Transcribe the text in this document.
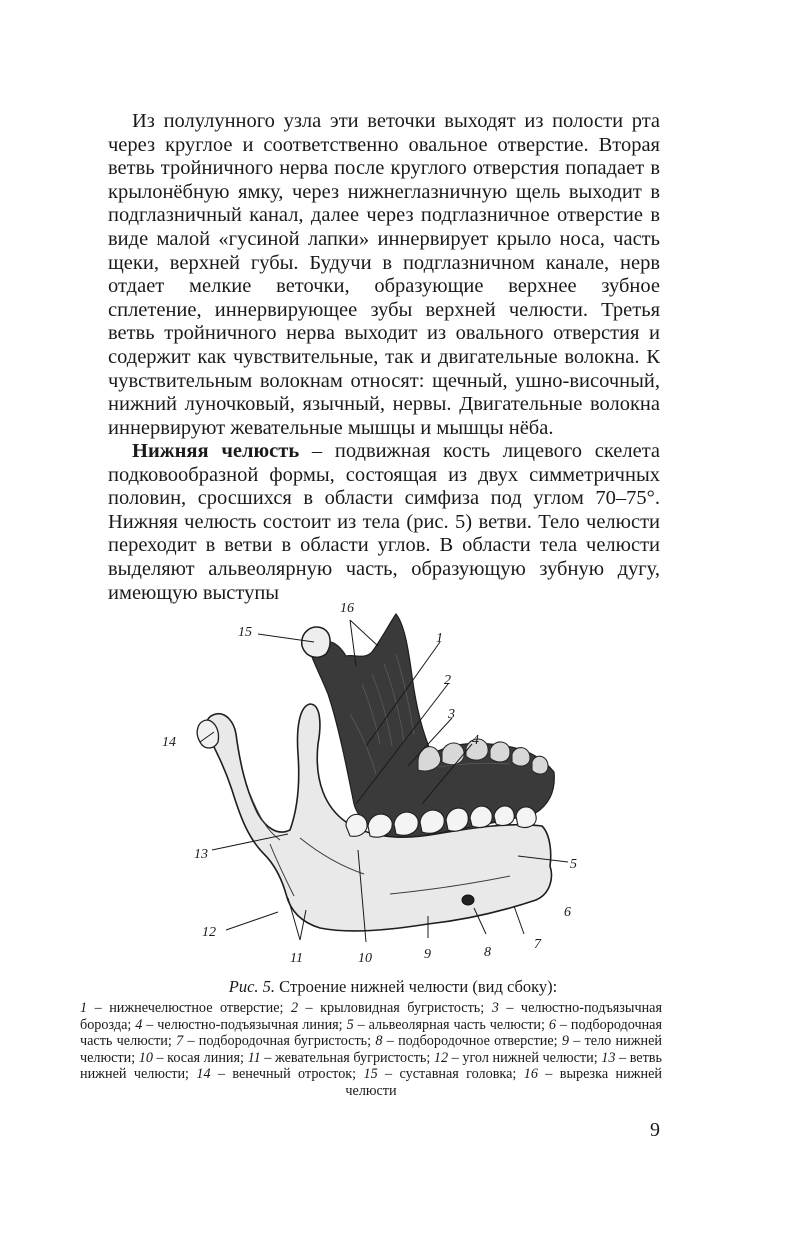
Из полулунного узла эти веточки выходят из полости рта через круглое и соответственно овальное отверстие. Вторая ветвь тройничного нерва после круглого отверстия попадает в крылонёбную ямку, через нижнеглазничную щель выходит в подглазничный канал, далее через подглазничное отверстие в виде малой «гусиной лапки» иннервирует крыло носа, часть щеки, верхней губы. Будучи в подглазничном канале, нерв отдает мелкие веточки, образующие верхнее зубное сплетение, иннервирующее зубы верхней челюсти. Третья ветвь тройничного нерва выходит из овального отверстия и содержит как чувствительные, так и двигательные волокна. К чувствительным волокнам относят: щечный, ушно-височный, нижний луночковый, язычный, нервы. Двигательные волокна иннервируют жевательные мышцы и мышцы нёба.

Нижняя челюсть – подвижная кость лицевого скелета подковообразной формы, состоящая из двух симметричных половин, сросшихся в области симфиза под углом 70–75°. Нижняя челюсть состоит из тела (рис. 5) ветви. Тело челюсти переходит в ветви в области углов. В области тела челюсти выделяют альвеолярную часть, образующую зубную дугу, имеющую выступы

1
2
3
4
5
6
7
8
9
10
11
12
13
14
15
16
Рис. 5. Строение нижней челюсти (вид сбоку):

1 – нижнечелюстное отверстие; 2 – крыловидная бугристость; 3 – челюстно-подъязычная борозда; 4 – челюстно-подъязычная линия; 5 – альвеолярная часть челюсти; 6 – подбородочная часть челюсти; 7 – подбородочная бугристость; 8 – подбородочное отверстие; 9 – тело нижней челюсти; 10 – косая линия; 11 – жевательная бугристость; 12 – угол нижней челюсти; 13 – ветвь нижней челюсти; 14 – венечный отросток; 15 – суставная головка; 16 – вырезка нижней челюсти

9
